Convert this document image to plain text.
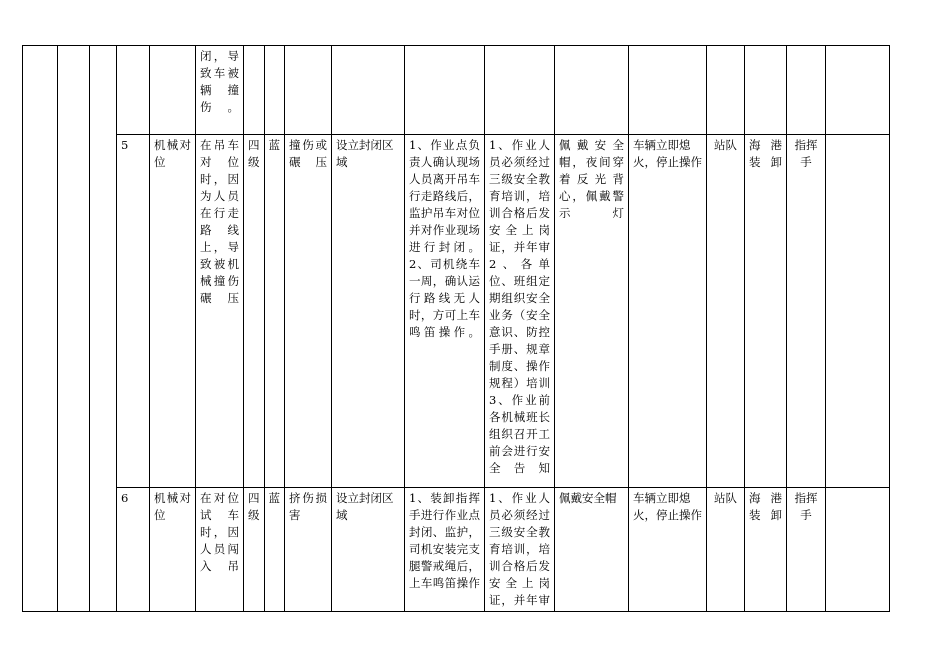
					闭，导致车被辆撞伤。												
			5	机械对位	在吊车对位时，因为人员在行走路线上，导致被机械撞伤碾压	四级	蓝	撞伤或碾压	设立封闭区域	1、作业点负责人确认现场人员离开吊车行走路线后，监护吊车对位并对作业现场进行封闭。2、司机绕车一周，确认运行路线无人时，方可上车鸣笛操作。	1、作业人员必须经过三级安全教育培训，培训合格后发安全上岗证，并年审2、各单位、班组定期组织安全业务（安全意识、防控手册、规章制度、操作规程）培训3、作业前各机械班长组织召开工前会进行安全告知	佩戴安全帽，夜间穿着反光背心，佩戴警示灯	车辆立即熄火，停止操作	站队	海港装卸	指挥手	
			6	机械对位	在对位试车时，因人员闯入吊	四级	蓝	挤伤损害	设立封闭区域	1、装卸指挥手进行作业点封闭、监护，司机安装完支腿警戒绳后，上车鸣笛操作	1、作业人员必须经过三级安全教育培训，培训合格后发安全上岗证，并年审	佩戴安全帽	车辆立即熄火，停止操作	站队	海港装卸	指挥手	
